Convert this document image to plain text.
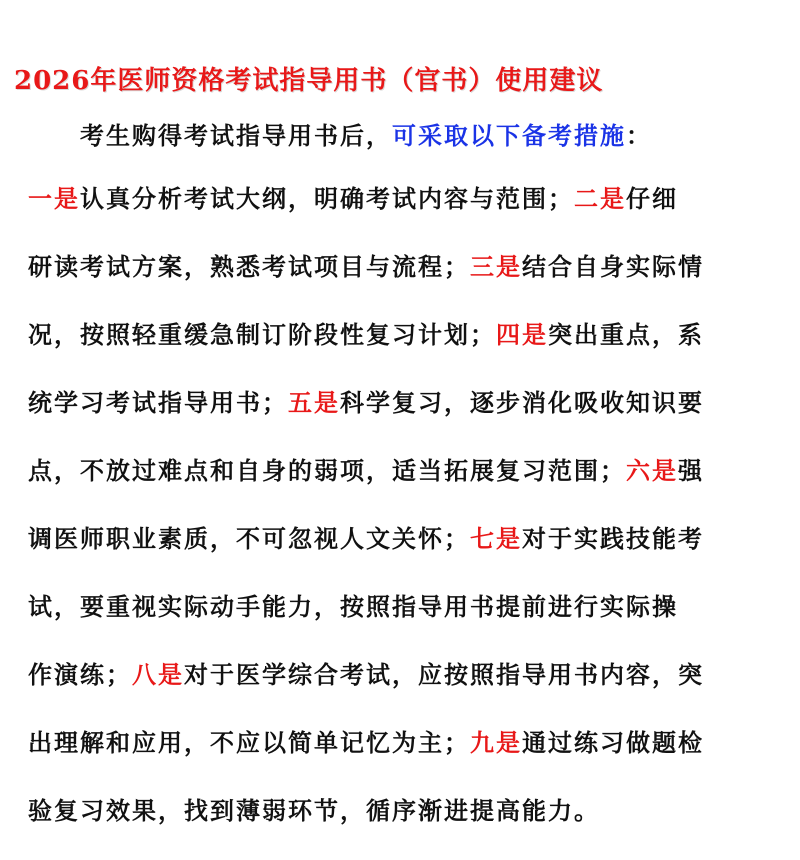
2026年医师资格考试指导用书（官书）使用建议
考生购得考试指导用书后，可采取以下备考措施：
一是认真分析考试大纲，明确考试内容与范围；二是仔细
研读考试方案，熟悉考试项目与流程；三是结合自身实际情
况，按照轻重缓急制订阶段性复习计划；四是突出重点，系
统学习考试指导用书；五是科学复习，逐步消化吸收知识要
点，不放过难点和自身的弱项，适当拓展复习范围；六是强
调医师职业素质，不可忽视人文关怀；七是对于实践技能考
试，要重视实际动手能力，按照指导用书提前进行实际操
作演练；八是对于医学综合考试，应按照指导用书内容，突
出理解和应用，不应以简单记忆为主；九是通过练习做题检
验复习效果，找到薄弱环节，循序渐进提高能力。
